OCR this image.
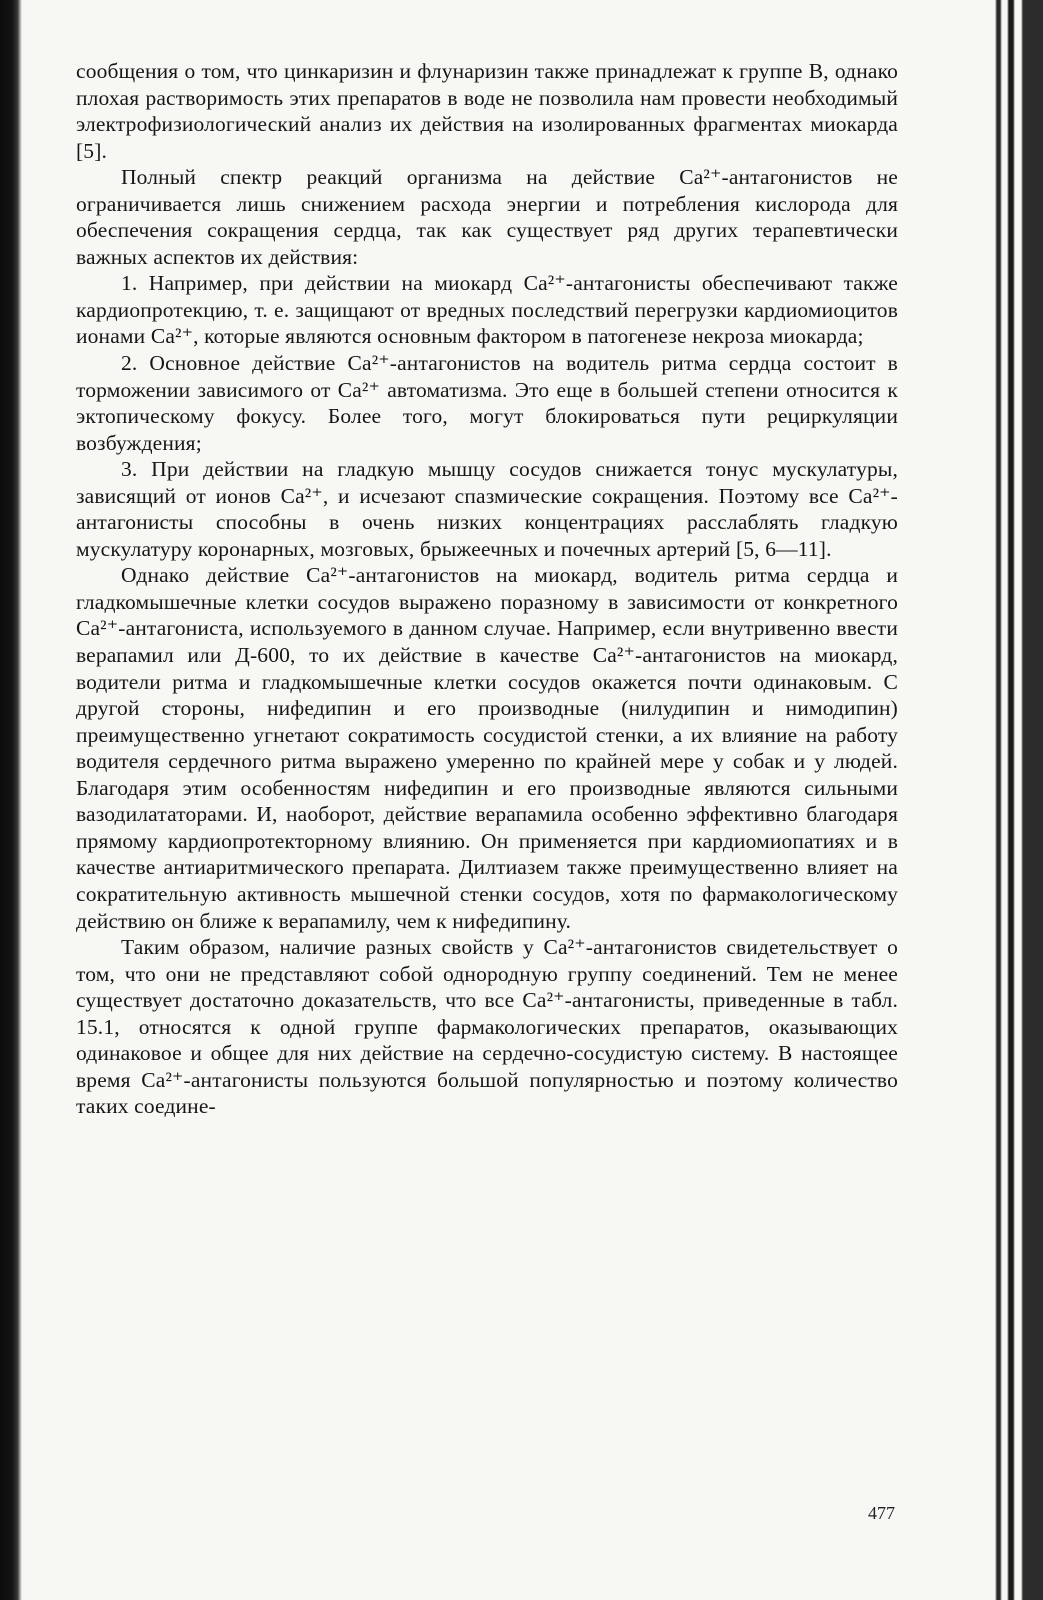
сообщения о том, что цинкаризин и флунаризин также принадлежат к группе В, однако плохая растворимость этих препаратов в воде не позволила нам провести необходимый электрофизиологический анализ их действия на изолированных фрагментах миокарда [5].

Полный спектр реакций организма на действие Ca²⁺-антагонистов не ограничивается лишь снижением расхода энергии и потребления кислорода для обеспечения сокращения сердца, так как существует ряд других терапевтически важных аспектов их действия:

1. Например, при действии на миокард Ca²⁺-антагонисты обеспечивают также кардиопротекцию, т. е. защищают от вредных последствий перегрузки кардиомиоцитов ионами Ca²⁺, которые являются основным фактором в патогенезе некроза миокарда;

2. Основное действие Ca²⁺-антагонистов на водитель ритма сердца состоит в торможении зависимого от Ca²⁺ автоматизма. Это еще в большей степени относится к эктопическому фокусу. Более того, могут блокироваться пути рециркуляции возбуждения;

3. При действии на гладкую мышцу сосудов снижается тонус мускулатуры, зависящий от ионов Ca²⁺, и исчезают спазмические сокращения. Поэтому все Ca²⁺-антагонисты способны в очень низких концентрациях расслаблять гладкую мускулатуру коронарных, мозговых, брыжеечных и почечных артерий [5, 6—11].

Однако действие Ca²⁺-антагонистов на миокард, водитель ритма сердца и гладкомышечные клетки сосудов выражено поразному в зависимости от конкретного Ca²⁺-антагониста, используемого в данном случае. Например, если внутривенно ввести верапамил или Д-600, то их действие в качестве Ca²⁺-антагонистов на миокард, водители ритма и гладкомышечные клетки сосудов окажется почти одинаковым. С другой стороны, нифедипин и его производные (нилудипин и нимодипин) преимущественно угнетают сократимость сосудистой стенки, а их влияние на работу водителя сердечного ритма выражено умеренно по крайней мере у собак и у людей. Благодаря этим особенностям нифедипин и его производные являются сильными вазодилататорами. И, наоборот, действие верапамила особенно эффективно благодаря прямому кардиопротекторному влиянию. Он применяется при кардиомиопатиях и в качестве антиаритмического препарата. Дилтиазем также преимущественно влияет на сократительную активность мышечной стенки сосудов, хотя по фармакологическому действию он ближе к верапамилу, чем к нифедипину.

Таким образом, наличие разных свойств у Ca²⁺-антагонистов свидетельствует о том, что они не представляют собой однородную группу соединений. Тем не менее существует достаточно доказательств, что все Ca²⁺-антагонисты, приведенные в табл. 15.1, относятся к одной группе фармакологических препаратов, оказывающих одинаковое и общее для них действие на сердечно-сосудистую систему. В настоящее время Ca²⁺-антагонисты пользуются большой популярностью и поэтому количество таких соедине-

477
